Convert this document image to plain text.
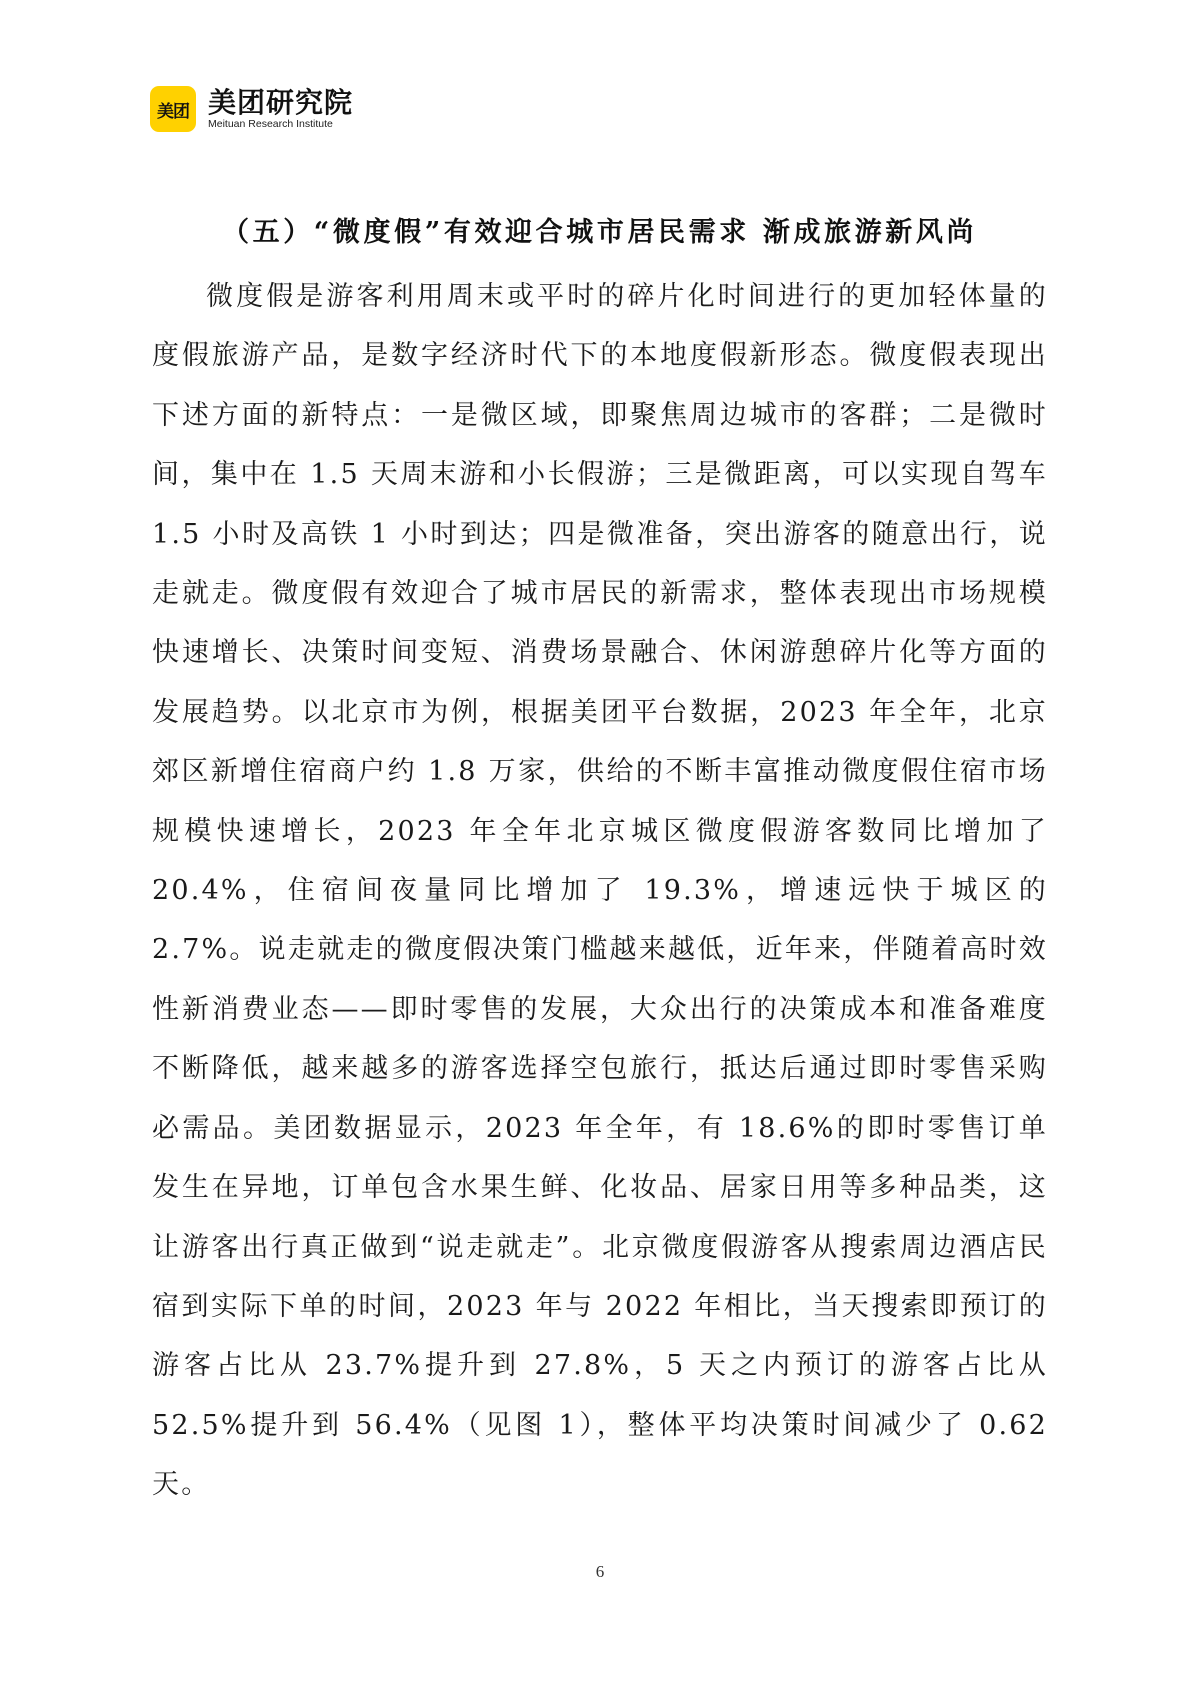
美团 美团研究院
Meituan Research Institute
（五）“微度假”有效迎合城市居民需求 渐成旅游新风尚

微度假是游客利用周末或平时的碎片化时间进行的更加轻体量的度假旅游产品，是数字经济时代下的本地度假新形态。微度假表现出下述方面的新特点：一是微区域，即聚焦周边城市的客群；二是微时间，集中在 1.5 天周末游和小长假游；三是微距离，可以实现自驾车 1.5 小时及高铁 1 小时到达；四是微准备，突出游客的随意出行，说走就走。微度假有效迎合了城市居民的新需求，整体表现出市场规模快速增长、决策时间变短、消费场景融合、休闲游憩碎片化等方面的发展趋势。以北京市为例，根据美团平台数据，2023 年全年，北京郊区新增住宿商户约 1.8 万家，供给的不断丰富推动微度假住宿市场规模快速增长，2023 年全年北京城区微度假游客数同比增加了 20.4%，住宿间夜量同比增加了 19.3%，增速远快于城区的 2.7%。说走就走的微度假决策门槛越来越低，近年来，伴随着高时效性新消费业态——即时零售的发展，大众出行的决策成本和准备难度不断降低，越来越多的游客选择空包旅行，抵达后通过即时零售采购必需品。美团数据显示，2023 年全年，有 18.6%的即时零售订单发生在异地，订单包含水果生鲜、化妆品、居家日用等多种品类，这让游客出行真正做到“说走就走”。北京微度假游客从搜索周边酒店民宿到实际下单的时间，2023 年与 2022 年相比，当天搜索即预订的游客占比从 23.7%提升到 27.8%，5 天之内预订的游客占比从 52.5%提升到 56.4%（见图 1），整体平均决策时间减少了 0.62 天。

6
